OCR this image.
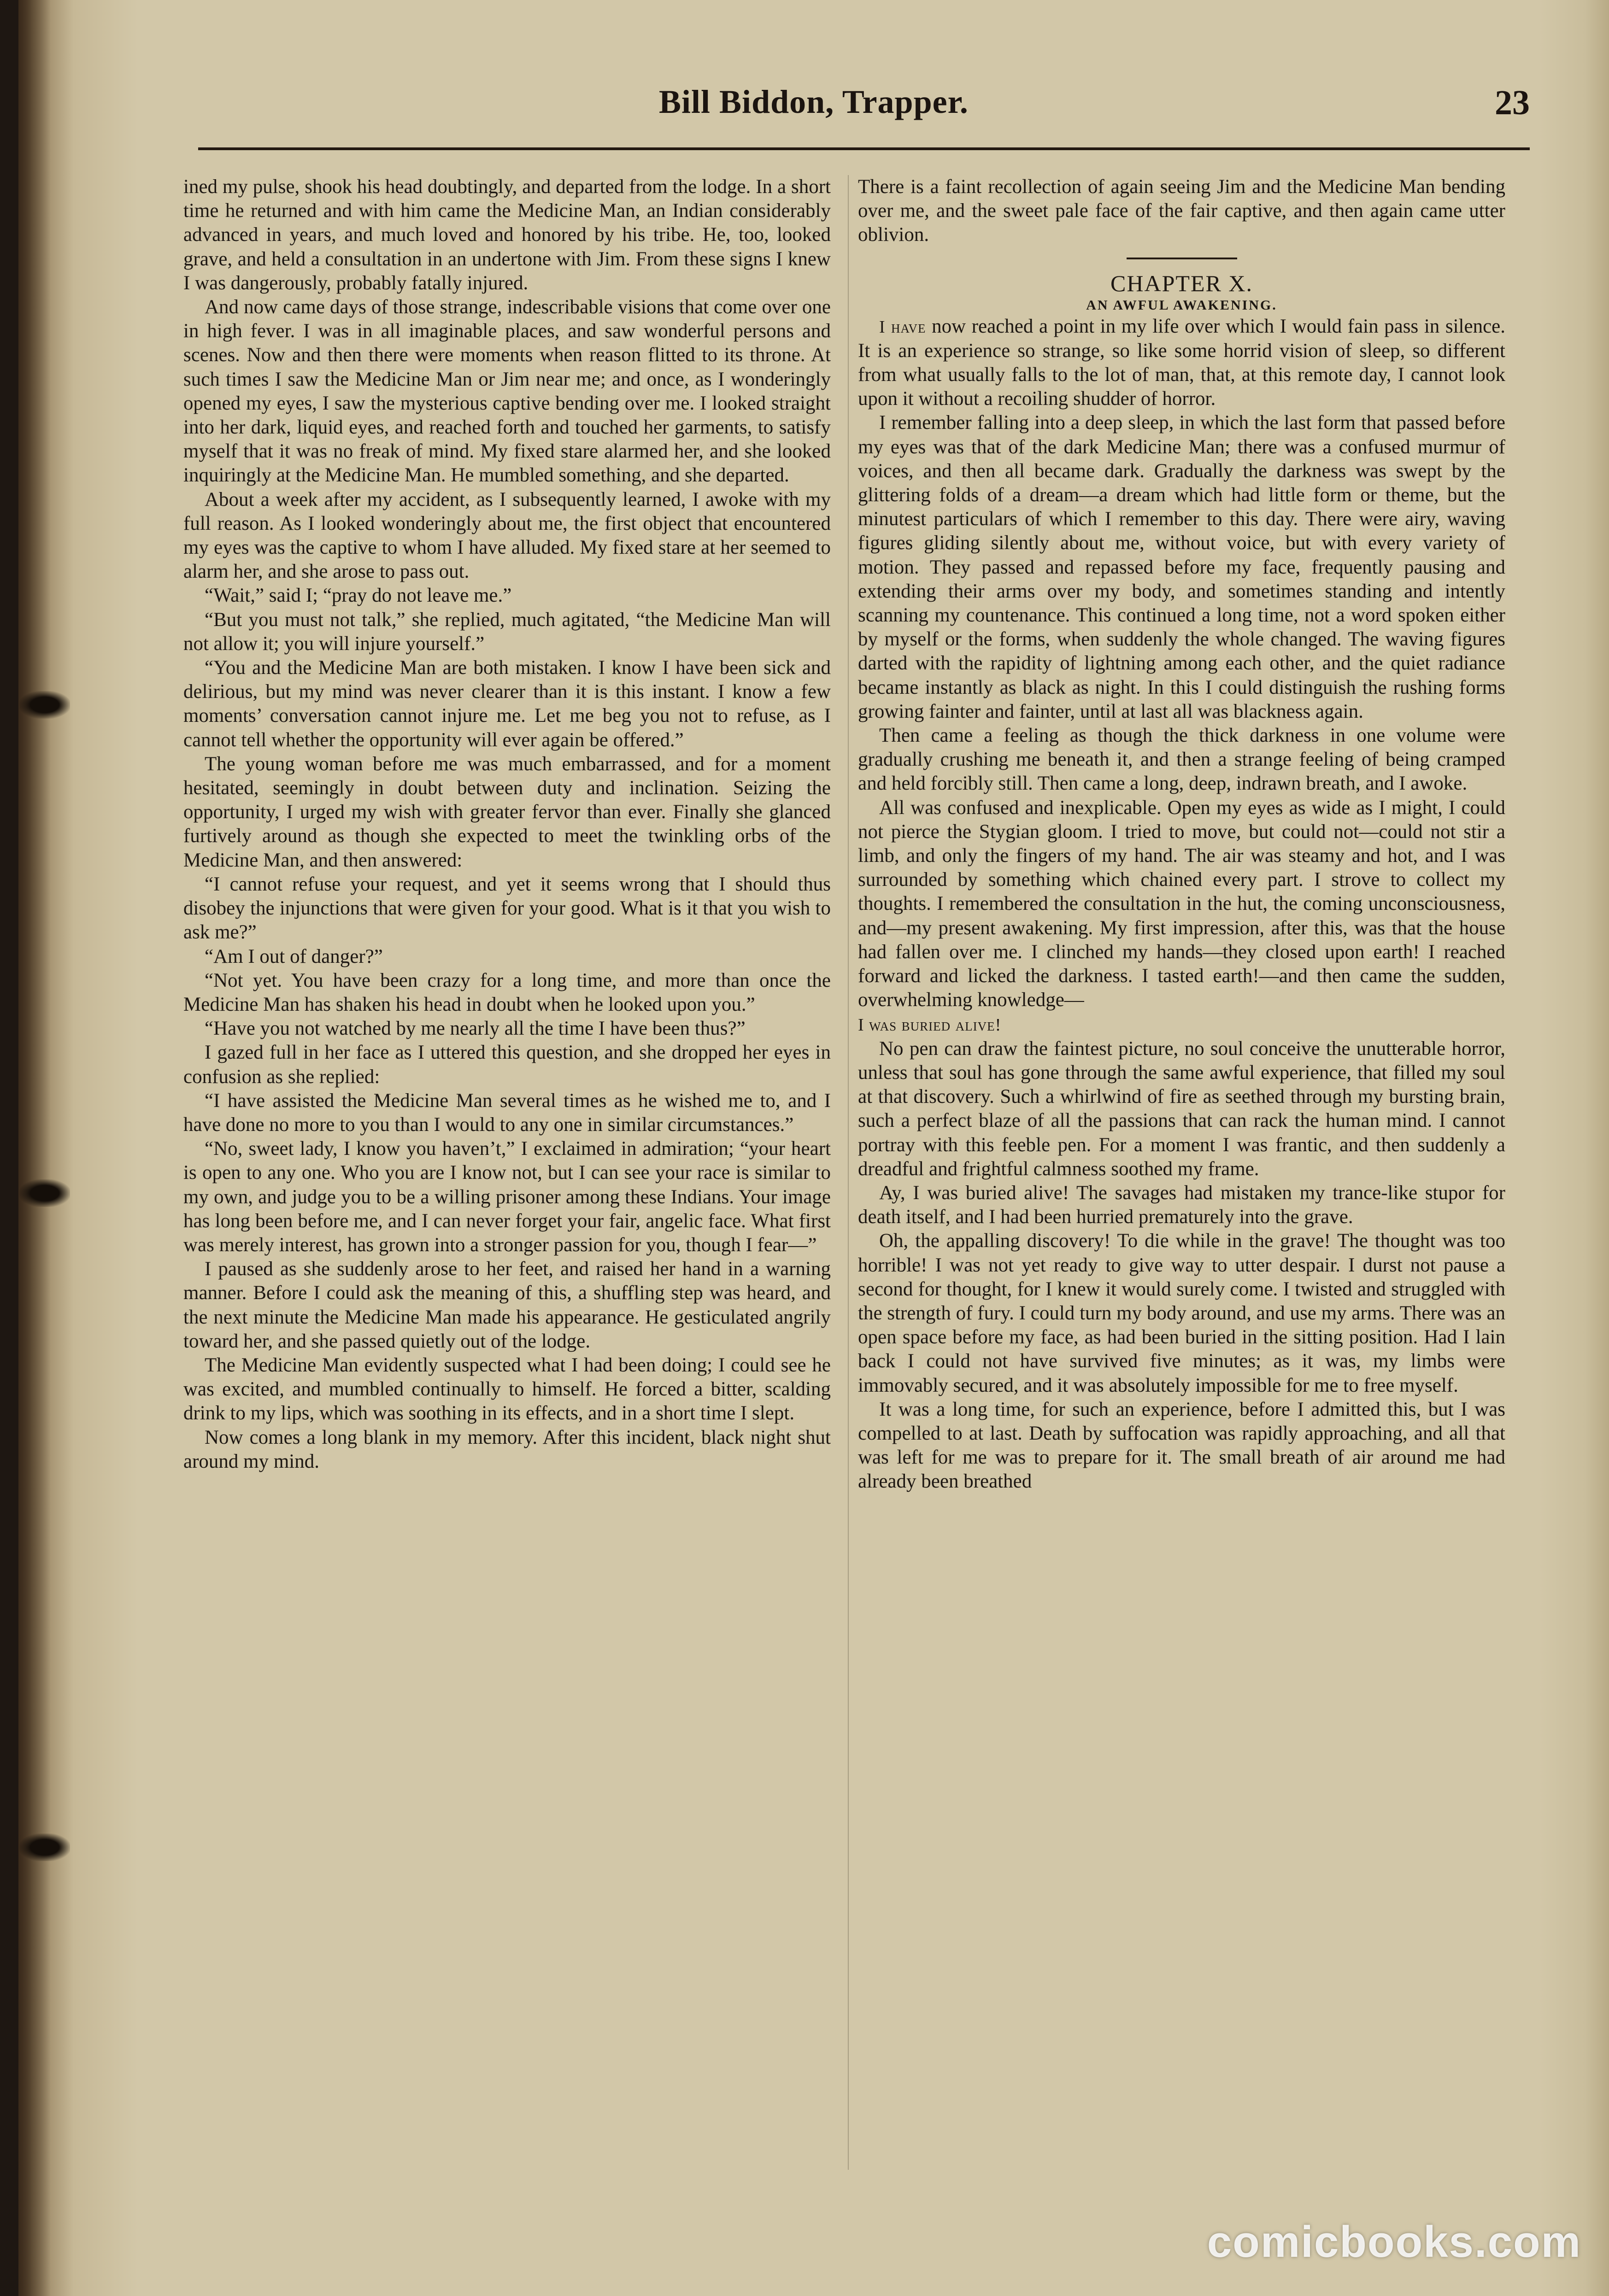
Bill Biddon, Trapper.	23

ined my pulse, shook his head doubtingly, and departed from the lodge. In a short time he returned and with him came the Medicine Man, an Indian considerably advanced in years, and much loved and honored by his tribe. He, too, looked grave, and held a consultation in an undertone with Jim. From these signs I knew I was dangerously, probably fatally injured.

And now came days of those strange, indescribable visions that come over one in high fever. I was in all imaginable places, and saw wonderful persons and scenes. Now and then there were moments when reason flitted to its throne. At such times I saw the Medicine Man or Jim near me; and once, as I wonderingly opened my eyes, I saw the mysterious captive bending over me. I looked straight into her dark, liquid eyes, and reached forth and touched her garments, to satisfy myself that it was no freak of mind. My fixed stare alarmed her, and she looked inquiringly at the Medicine Man. He mumbled something, and she departed.

About a week after my accident, as I subsequently learned, I awoke with my full reason. As I looked wonderingly about me, the first object that encountered my eyes was the captive to whom I have alluded. My fixed stare at her seemed to alarm her, and she arose to pass out.

“Wait,” said I; “pray do not leave me.”

“But you must not talk,” she replied, much agitated, “the Medicine Man will not allow it; you will injure yourself.”

“You and the Medicine Man are both mistaken. I know I have been sick and delirious, but my mind was never clearer than it is this instant. I know a few moments’ conversation cannot injure me. Let me beg you not to refuse, as I cannot tell whether the opportunity will ever again be offered.”

The young woman before me was much embarrassed, and for a moment hesitated, seemingly in doubt between duty and inclination. Seizing the opportunity, I urged my wish with greater fervor than ever. Finally she glanced furtively around as though she expected to meet the twinkling orbs of the Medicine Man, and then answered:

“I cannot refuse your request, and yet it seems wrong that I should thus disobey the injunctions that were given for your good. What is it that you wish to ask me?”

“Am I out of danger?”

“Not yet. You have been crazy for a long time, and more than once the Medicine Man has shaken his head in doubt when he looked upon you.”

“Have you not watched by me nearly all the time I have been thus?”

I gazed full in her face as I uttered this question, and she dropped her eyes in confusion as she replied:

“I have assisted the Medicine Man several times as he wished me to, and I have done no more to you than I would to any one in similar circumstances.”

“No, sweet lady, I know you haven’t,” I exclaimed in admiration; “your heart is open to any one. Who you are I know not, but I can see your race is similar to my own, and judge you to be a willing prisoner among these Indians. Your image has long been before me, and I can never forget your fair, angelic face. What first was merely interest, has grown into a stronger passion for you, though I fear—”

I paused as she suddenly arose to her feet, and raised her hand in a warning manner. Before I could ask the meaning of this, a shuffling step was heard, and the next minute the Medicine Man made his appearance. He gesticulated angrily toward her, and she passed quietly out of the lodge.

The Medicine Man evidently suspected what I had been doing; I could see he was excited, and mumbled continually to himself. He forced a bitter, scalding drink to my lips, which was soothing in its effects, and in a short time I slept.

Now comes a long blank in my memory. After this incident, black night shut around my mind.

There is a faint recollection of again seeing Jim and the Medicine Man bending over me, and the sweet pale face of the fair captive, and then again came utter oblivion.

CHAPTER X.
AN AWFUL AWAKENING.

I have now reached a point in my life over which I would fain pass in silence. It is an experience so strange, so like some horrid vision of sleep, so different from what usually falls to the lot of man, that, at this remote day, I cannot look upon it without a recoiling shudder of horror.

I remember falling into a deep sleep, in which the last form that passed before my eyes was that of the dark Medicine Man; there was a confused murmur of voices, and then all became dark. Gradually the darkness was swept by the glittering folds of a dream—a dream which had little form or theme, but the minutest particulars of which I remember to this day. There were airy, waving figures gliding silently about me, without voice, but with every variety of motion. They passed and repassed before my face, frequently pausing and extending their arms over my body, and sometimes standing and intently scanning my countenance. This continued a long time, not a word spoken either by myself or the forms, when suddenly the whole changed. The waving figures darted with the rapidity of lightning among each other, and the quiet radiance became instantly as black as night. In this I could distinguish the rushing forms growing fainter and fainter, until at last all was blackness again.

Then came a feeling as though the thick darkness in one volume were gradually crushing me beneath it, and then a strange feeling of being cramped and held forcibly still. Then came a long, deep, indrawn breath, and I awoke.

All was confused and inexplicable. Open my eyes as wide as I might, I could not pierce the Stygian gloom. I tried to move, but could not—could not stir a limb, and only the fingers of my hand. The air was steamy and hot, and I was surrounded by something which chained every part. I strove to collect my thoughts. I remembered the consultation in the hut, the coming unconsciousness, and—my present awakening. My first impression, after this, was that the house had fallen over me. I clinched my hands—they closed upon earth! I reached forward and licked the darkness. I tasted earth!—and then came the sudden, overwhelming knowledge—

I was buried alive!

No pen can draw the faintest picture, no soul conceive the unutterable horror, unless that soul has gone through the same awful experience, that filled my soul at that discovery. Such a whirlwind of fire as seethed through my bursting brain, such a perfect blaze of all the passions that can rack the human mind. I cannot portray with this feeble pen. For a moment I was frantic, and then suddenly a dreadful and frightful calmness soothed my frame.

Ay, I was buried alive! The savages had mistaken my trance-like stupor for death itself, and I had been hurried prematurely into the grave.

Oh, the appalling discovery! To die while in the grave! The thought was too horrible! I was not yet ready to give way to utter despair. I durst not pause a second for thought, for I knew it would surely come. I twisted and struggled with the strength of fury. I could turn my body around, and use my arms. There was an open space before my face, as had been buried in the sitting position. Had I lain back I could not have survived five minutes; as it was, my limbs were immovably secured, and it was absolutely impossible for me to free myself.

It was a long time, for such an experience, before I admitted this, but I was compelled to at last. Death by suffocation was rapidly approaching, and all that was left for me was to prepare for it. The small breath of air around me had already been breathed

comicbooks.com
